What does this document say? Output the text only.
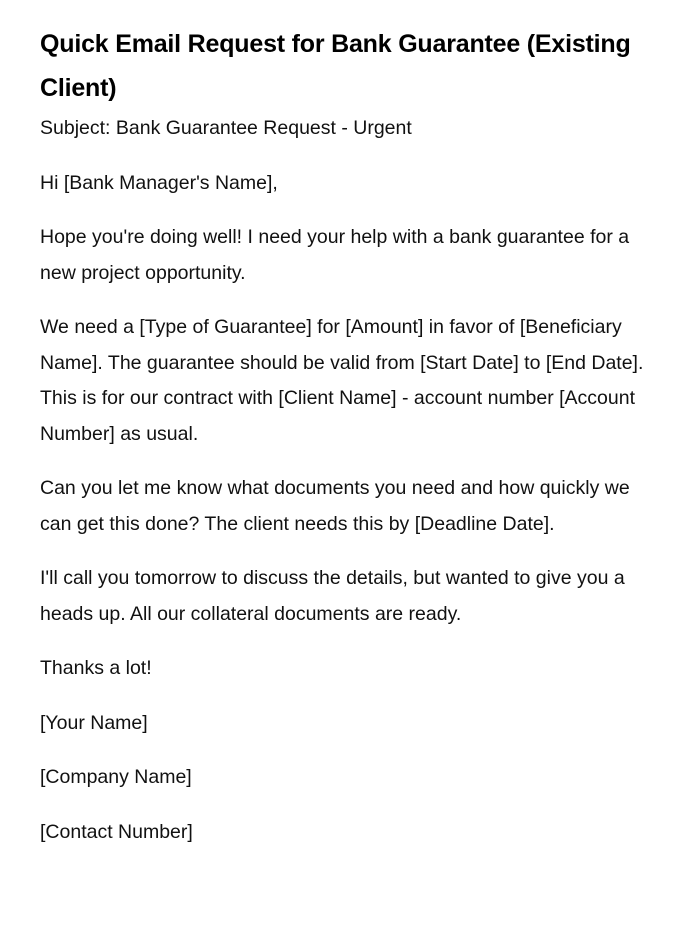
Quick Email Request for Bank Guarantee (Existing Client)

Subject: Bank Guarantee Request - Urgent

Hi [Bank Manager's Name],

Hope you're doing well! I need your help with a bank guarantee for a new project opportunity.

We need a [Type of Guarantee] for [Amount] in favor of [Beneficiary Name]. The guarantee should be valid from [Start Date] to [End Date]. This is for our contract with [Client Name] - account number [Account Number] as usual.

Can you let me know what documents you need and how quickly we can get this done? The client needs this by [Deadline Date].

I'll call you tomorrow to discuss the details, but wanted to give you a heads up. All our collateral documents are ready.

Thanks a lot!

[Your Name]

[Company Name]

[Contact Number]
